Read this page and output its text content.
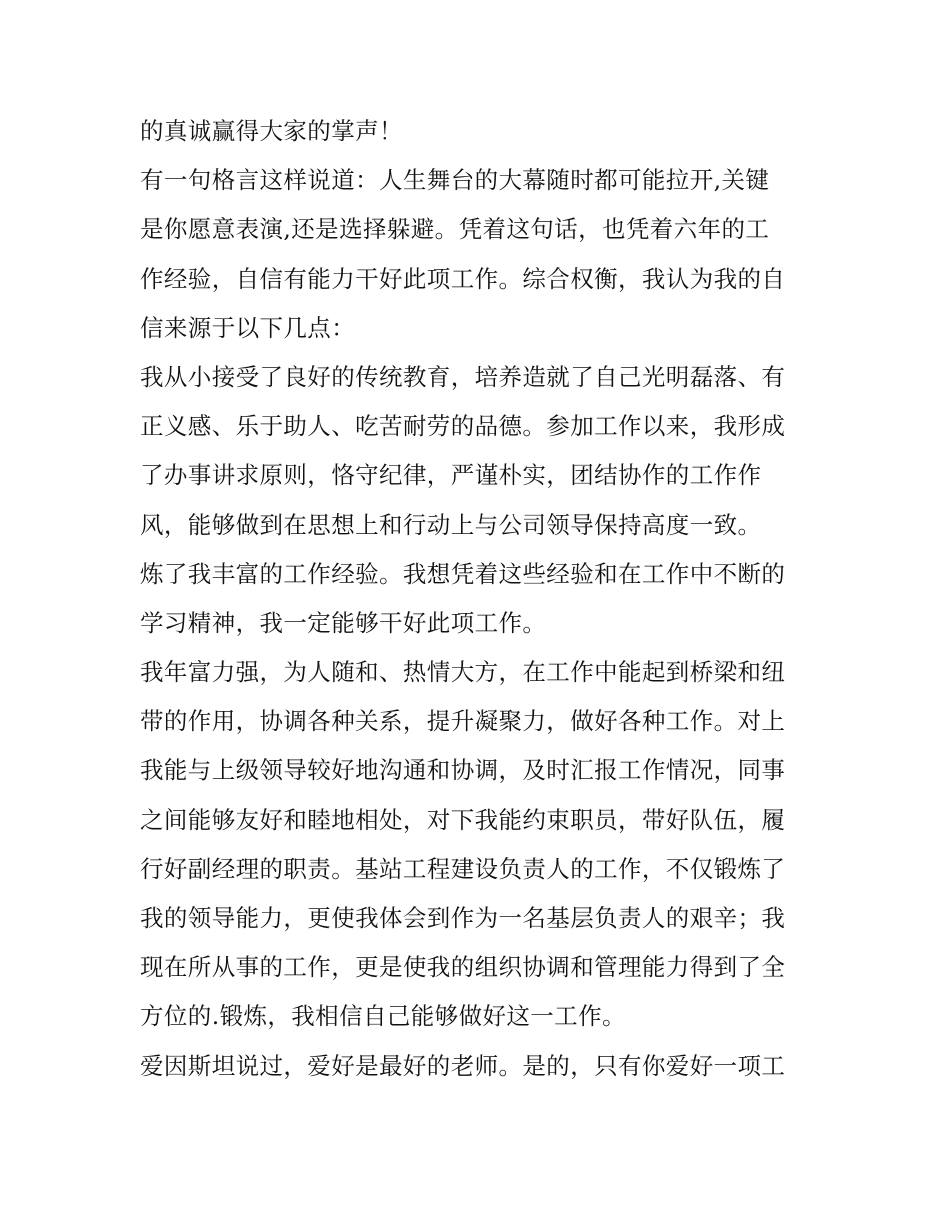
的真诚赢得大家的掌声！
有一句格言这样说道：人生舞台的大幕随时都可能拉开,关键
是你愿意表演,还是选择躲避。凭着这句话，也凭着六年的工
作经验，自信有能力干好此项工作。综合权衡，我认为我的自
信来源于以下几点：
我从小接受了良好的传统教育，培养造就了自己光明磊落、有
正义感、乐于助人、吃苦耐劳的品德。参加工作以来，我形成
了办事讲求原则，恪守纪律，严谨朴实，团结协作的工作作
风，能够做到在思想上和行动上与公司领导保持高度一致。
炼了我丰富的工作经验。我想凭着这些经验和在工作中不断的
学习精神，我一定能够干好此项工作。
我年富力强，为人随和、热情大方，在工作中能起到桥梁和纽
带的作用，协调各种关系，提升凝聚力，做好各种工作。对上
我能与上级领导较好地沟通和协调，及时汇报工作情况，同事
之间能够友好和睦地相处，对下我能约束职员，带好队伍，履
行好副经理的职责。基站工程建设负责人的工作，不仅锻炼了
我的领导能力，更使我体会到作为一名基层负责人的艰辛；我
现在所从事的工作，更是使我的组织协调和管理能力得到了全
方位的.锻炼，我相信自己能够做好这一工作。
爱因斯坦说过，爱好是最好的老师。是的，只有你爱好一项工
